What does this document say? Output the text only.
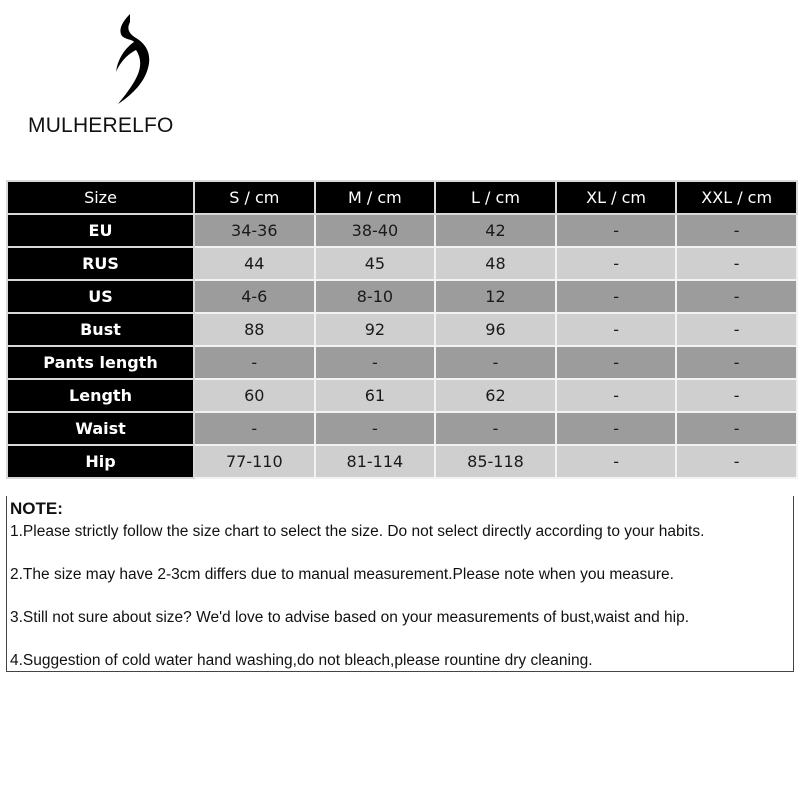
MULHERELFO
Size	S / cm	M / cm	L / cm	XL / cm	XXL / cm
EU	34-36	38-40	42	-	-
RUS	44	45	48	-	-
US	4-6	8-10	12	-	-
Bust	88	92	96	-	-
Pants length	-	-	-	-	-
Length	60	61	62	-	-
Waist	-	-	-	-	-
Hip	77-110	81-114	85-118	-	-
NOTE:
1.Please strictly follow the size chart to select the size. Do not select directly according to your habits.
2.The size may have 2-3cm differs due to manual measurement.Please note when you measure.
3.Still not sure about size? We'd love to advise based on your measurements of bust,waist and hip.
4.Suggestion of cold water hand washing,do not bleach,please rountine dry cleaning.
